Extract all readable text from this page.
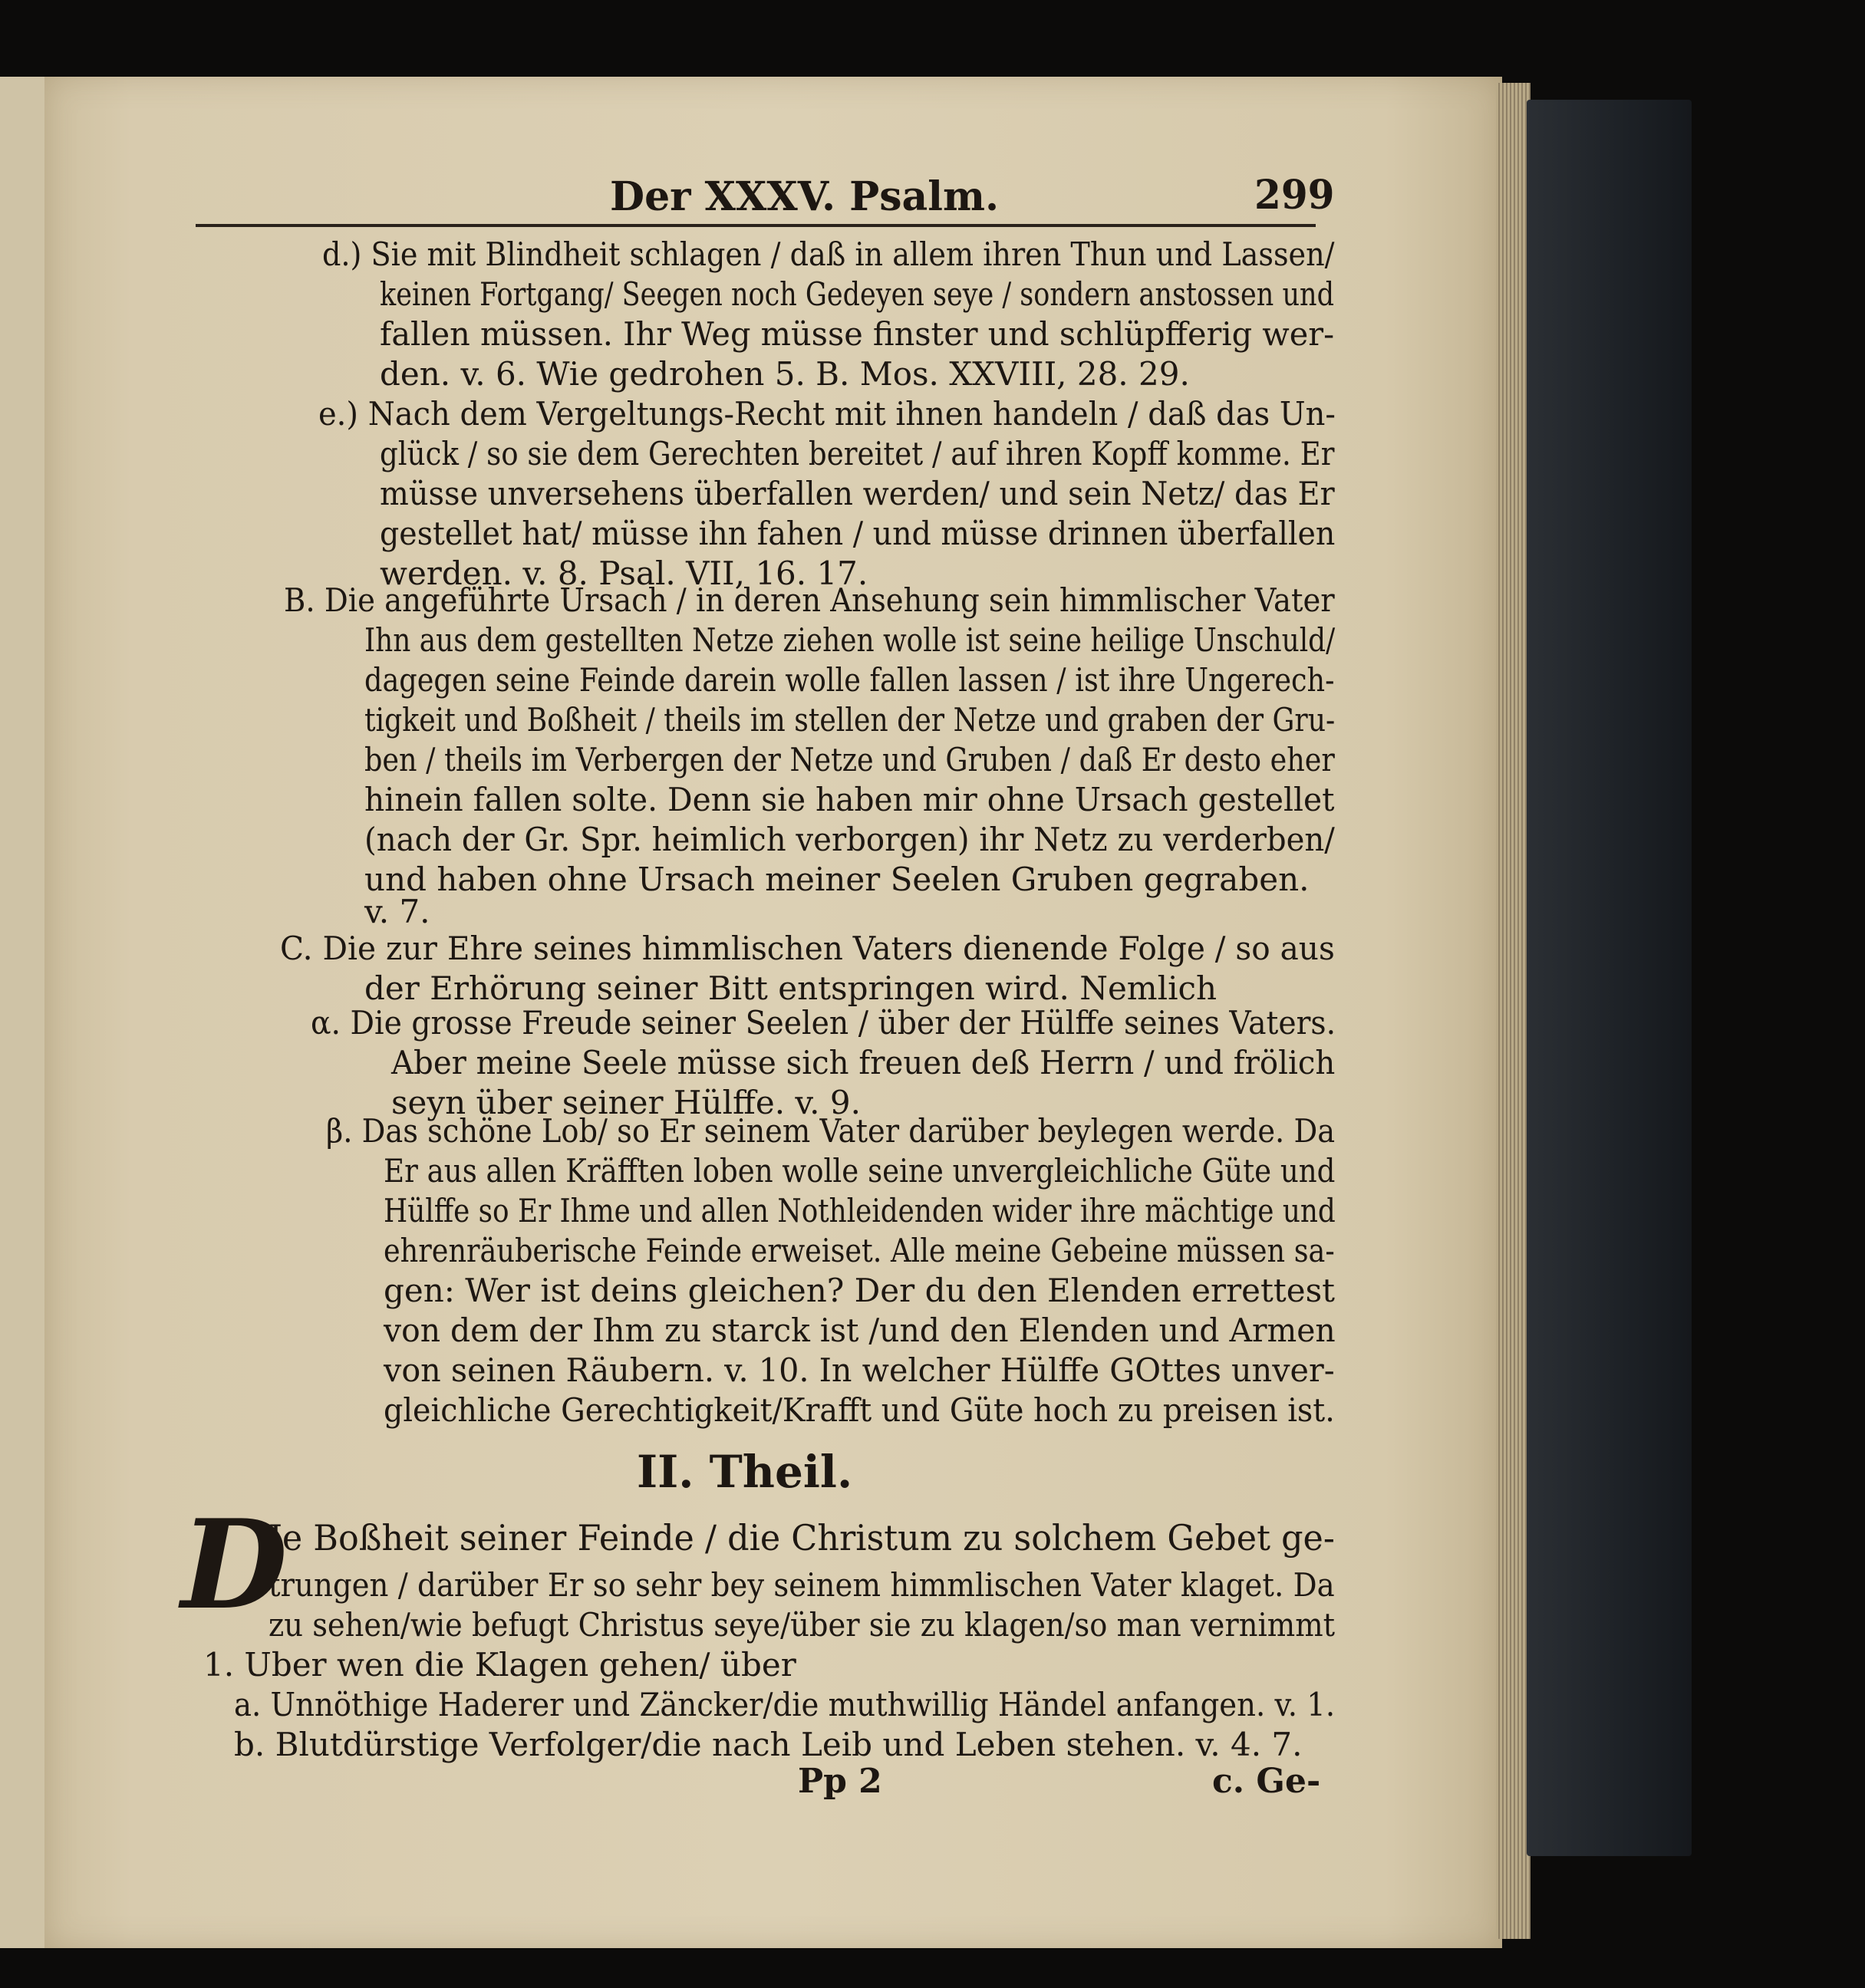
Der XXXV. Psalm.	299
d.) Sie mit Blindheit schlagen / daß in allem ihren Thun und Lassen/
keinen Fortgang/ Seegen noch Gedeyen seye / sondern anstossen und
fallen müssen. Ihr Weg müsse finster und schlüpfferig wer-
den. v. 6. Wie gedrohen 5. B. Mos. XXVIII, 28. 29.
e.) Nach dem Vergeltungs-Recht mit ihnen handeln / daß das Un-
glück / so sie dem Gerechten bereitet / auf ihren Kopff komme. Er
müsse unversehens überfallen werden/ und sein Netz/ das Er
gestellet hat/ müsse ihn fahen / und müsse drinnen überfallen
werden. v. 8. Psal. VII, 16. 17.
B. Die angeführte Ursach / in deren Ansehung sein himmlischer Vater
Ihn aus dem gestellten Netze ziehen wolle ist seine heilige Unschuld/
dagegen seine Feinde darein wolle fallen lassen / ist ihre Ungerech-
tigkeit und Boßheit / theils im stellen der Netze und graben der Gru-
ben / theils im Verbergen der Netze und Gruben / daß Er desto eher
hinein fallen solte. Denn sie haben mir ohne Ursach gestellet
(nach der Gr. Spr. heimlich verborgen) ihr Netz zu verderben/
und haben ohne Ursach meiner Seelen Gruben gegraben.
v. 7.
C. Die zur Ehre seines himmlischen Vaters dienende Folge / so aus
der Erhörung seiner Bitt entspringen wird. Nemlich
α. Die grosse Freude seiner Seelen / über der Hülffe seines Vaters.
Aber meine Seele müsse sich freuen deß Herrn / und frölich
seyn über seiner Hülffe. v. 9.
β. Das schöne Lob/ so Er seinem Vater darüber beylegen werde. Da
Er aus allen Kräfften loben wolle seine unvergleichliche Güte und
Hülffe so Er Ihme und allen Nothleidenden wider ihre mächtige und
ehrenräuberische Feinde erweiset. Alle meine Gebeine müssen sa-
gen: Wer ist deins gleichen? Der du den Elenden errettest
von dem der Ihm zu starck ist /und den Elenden und Armen
von seinen Räubern. v. 10. In welcher Hülffe GOttes unver-
gleichliche Gerechtigkeit/Krafft und Güte hoch zu preisen ist.
II. Theil.
Je Boßheit seiner Feinde / die Christum zu solchem Gebet ge-
trungen / darüber Er so sehr bey seinem himmlischen Vater klaget. Da
zu sehen/wie befugt Christus seye/über sie zu klagen/so man vernimmt
1. Uber wen die Klagen gehen/ über
a. Unnöthige Haderer und Zäncker/die muthwillig Händel anfangen. v. 1.
b. Blutdürstige Verfolger/die nach Leib und Leben stehen. v. 4. 7.
Pp 2	c. Ge-
D
